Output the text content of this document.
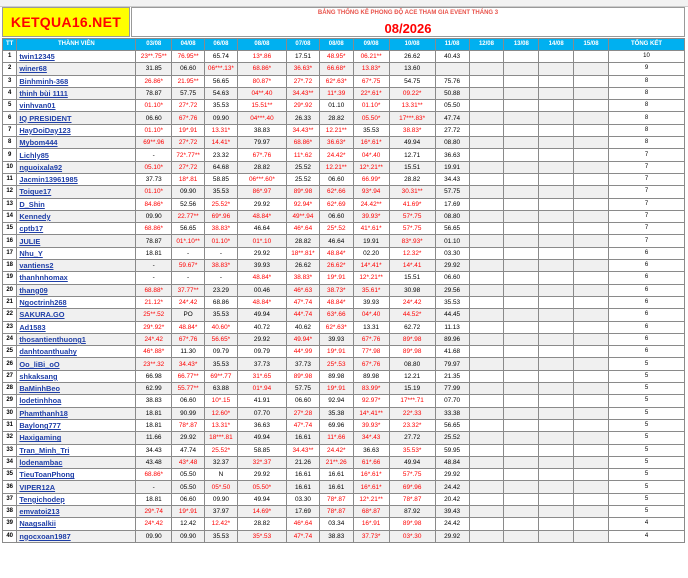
KETQUA16.NET
BẢNG THỐNG KÊ PHONG ĐỘ ACE THAM GIA EVENT THÁNG 3
08/2026
TT	THÀNH VIÊN	03/08	04/08	06/08	08/08	07/08	08/08	09/08	10/08	11/08	12/08	13/08	14/08	15/08	TỔNG KẾT
1	twin12345	23**.75**	76.95**	65.74	13*.86	17.51	48.95*	06.21**	26.62	40.43					10
2	winer68	31.85	06.60	06***.13*	68.86*	36.63*	66.68*	13.83*	13.60						9
3	Binhminh-368	26.86*	21.95**	56.65	80.87*	27*.72	62*.63*	67*.75	54.75	75.76					8
4	thinh bùi 1111	78.87	57.75	54.63	04**.40	34.43**	11*.39	22*.61*	09.22*	50.88					8
5	vinhvan01	01.10*	27*.72	35.53	15.51**	29*.92	01.10	01.10*	13.31**	05.50					8
6	IQ PRESIDENT	06.60	67*.76	09.90	04***.40	26.33	28.82	05.50*	17***.83*	47.74					8
7	HayDoiDay123	01.10*	19*.91	13.31*	38.83	34.43**	12.21**	35.53	38.83*	27.72					8
8	Mybom444	69**.96	27*.72	14.41*	79.97	68.86*	36.63*	16*.61*	49.94	08.80					8
9	Lichly85	-	72*.77**	23.32	67*.76	11*.62	24.42*	04*.40	12.71	36.63					7
10	nguoixala92	05.10*	27*.72	64.68	28.82	25.52	12.21**	12*.21**	15.51	19.91					7
11	Jacmin13961985	37.73	18*.81	58.85	06***.60*	25.52	06.60	66.99*	28.82	34.43					7
12	Toique17	01.10*	09.90	35.53	86*.97	89*.98	62*.66	93*.94	30.31**	57.75					7
13	D_Shin	84.86*	52.56	25.52*	29.92	92.94*	62*.69	24.42**	41.69*	17.69					7
14	Kennedy	09.90	22.77**	69*.96	48.84*	49**.94	06.60	39.93*	57*.75	08.80					7
15	cptb17	68.86*	56.65	38.83*	46.64	46*.64	25*.52	41*.61*	57*.75	56.65					7
16	JULIE	78.87	01*.10**	01.10*	01*.10	28.82	46.64	19.91	83*.93*	01.10					7
17	Nhu_Y	18.81	-	-	29.92	18**.81*	48.84*	02.20	12.32*	03.30					6
18	vantiens2	-	59.67*	38.83*	39.93	26.62	26.62*	14*.41*	14*.41	29.92					6
19	thanhnhomax	-	-	-	48.84*	38.83*	19*.91	12*.21**	15.51	06.60					6
20	thang09	68.88*	37.77**	23.29	00.46	46*.63	38.73*	35.61*	30.98	29.56					6
21	Ngoctrinh268	21.12*	24*.42	68.86	48.84*	47*.74	48.84*	39.93	24*.42	35.53					6
22	SAKURA.GO	25**.52	PO	35.53	49.94	44*.74	63*.66	04*.40	44.52*	44.45					6
23	Ad1583	29*.92*	48.84*	40.60*	40.72	40.62	62*.63*	13.31	62.72	11.13					6
24	thosantienthuong1	24*.42	67*.76	56.65*	29.92	49.94*	39.93	67*.76	89*.98	89.96					6
25	danhtoanthuahy	46*.88*	11.30	09.79	09.79	44*.99	19*.91	77*.98	89*.98	41.68					6
26	Oo_liBi_oO	23**.32	34.43*	35.53	37.73	37.73	25*.53	67*.76	08.80	79.97					5
27	shkaksang	66.98	66.77**	69**.77	31*.65	89*.98	89.98	89.98	12.21	21.35					5
28	BaMinhBeo	62.99	55.77**	63.88	01*.94	57.75	19*.91	83.99*	15.19	77.99					5
29	lodetinhhoa	38.83	06.60	10*.15	41.91	06.60	92.94	92.97*	17***.71	07.70					5
30	Phamthanh18	18.81	90.99	12.60*	07.70	27*.28	35.38	14*.41**	22*.33	33.38					5
31	Baylong777	18.81	78*.87	13.31*	36.63	47*.74	69.96	39.93*	23.32*	56.65					5
32	Haxigaming	11.66	29.92	18***.81	49.94	16.61	11*.66	34*.43	27.72	25.52					5
33	Tran_Minh_Tri	34.43	47.74	25.52*	58.85	34.43**	24.42*	36.63	35.53*	59.95					5
34	lodenambac	43.48	43*.48	32.37	32*.37	21.26	21**.26	61*.66	49.94	48.84					5
35	TieuToanPhong	68.86*	05.50	N	29.92	16.61	16.61	16*.61*	57*.75	29.92					5
36	VIPER12A	-	05.50	05*.50	05.50*	16.61	16.61	16*.61*	69*.96	24.42					5
37	Tengichodep	18.81	06.60	09.90	49.94	03.30	78*.87	12*.21**	78*.87	20.42					5
38	emvatoi213	29*.74	19*.91	37.97	14.69*	17.69	78*.87	68*.87	87.92	39.43					5
39	Naagsalkii	24*.42	12.42	12.42*	28.82	46*.64	03.34	16*.91	89*.98	24.42					4
40	ngocxoan1987	09.90	09.90	35.53	35*.53	47*.74	38.83	37.73*	03*.30	29.92					4
